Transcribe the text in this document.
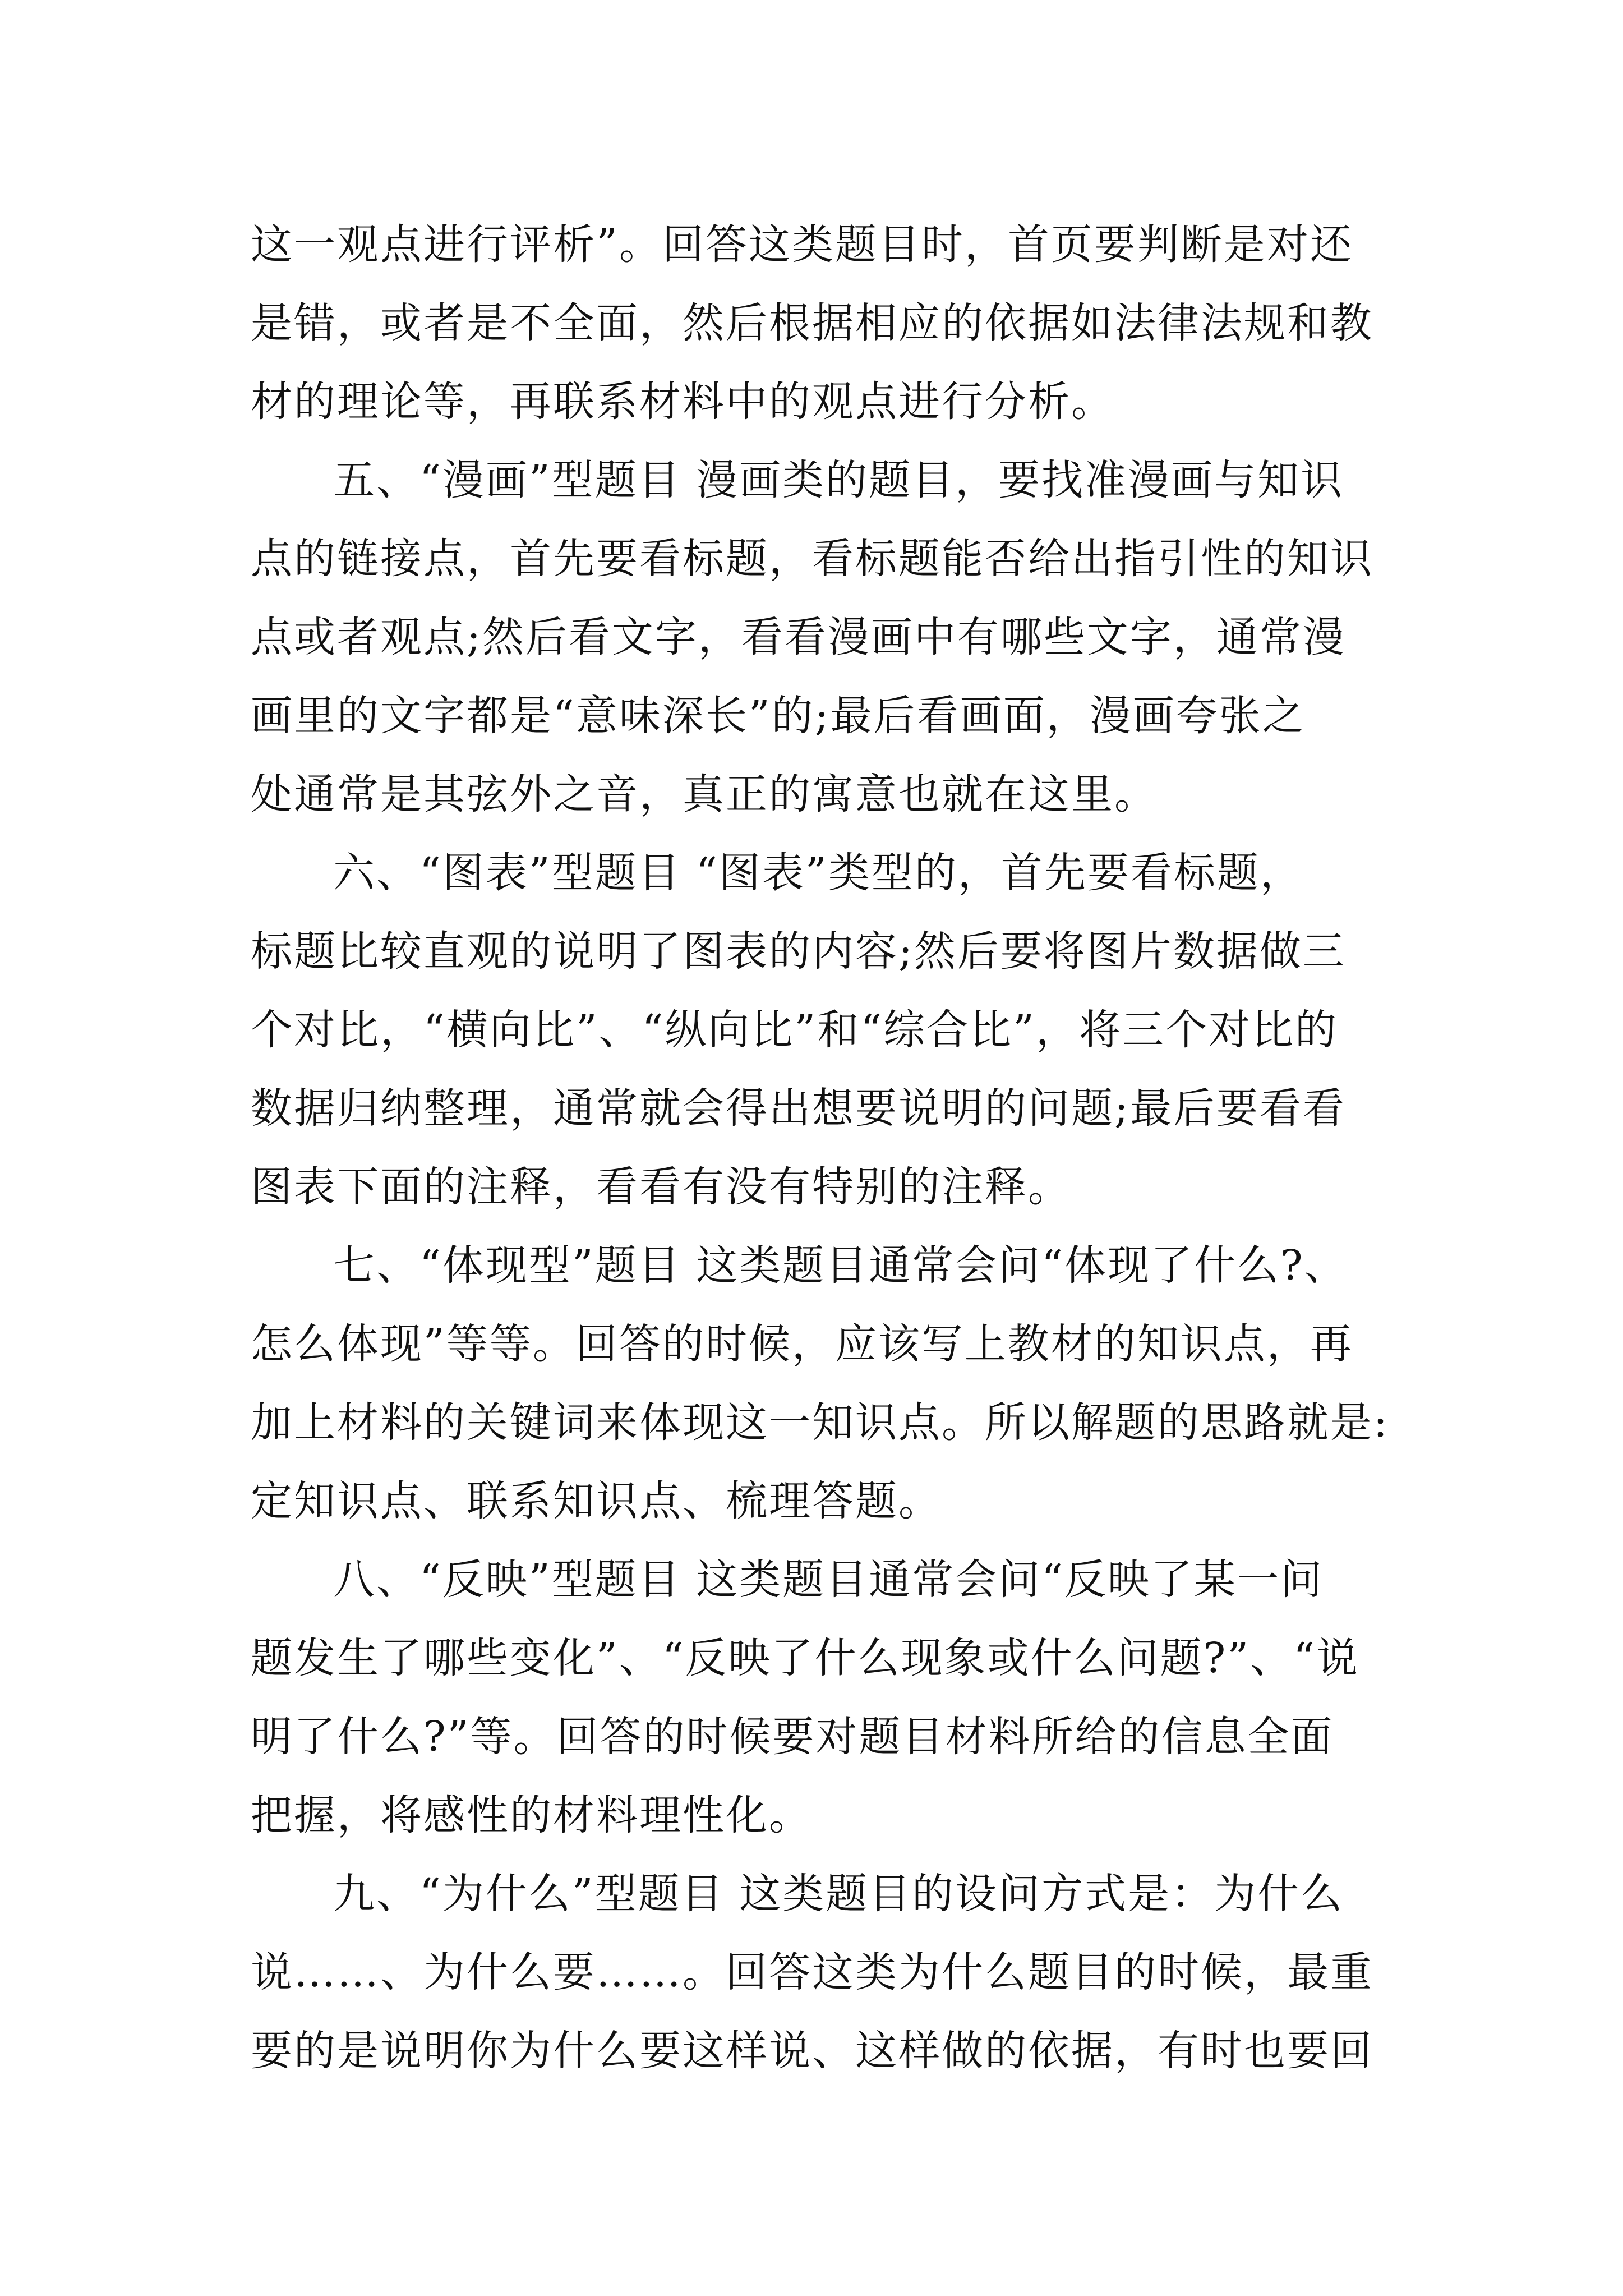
这一观点进行评析”。回答这类题目时，首页要判断是对还
是错，或者是不全面，然后根据相应的依据如法律法规和教
材的理论等，再联系材料中的观点进行分析。
五、“漫画”型题目 漫画类的题目，要找准漫画与知识
点的链接点，首先要看标题，看标题能否给出指引性的知识
点或者观点;然后看文字，看看漫画中有哪些文字，通常漫
画里的文字都是“意味深长”的;最后看画面，漫画夸张之
处通常是其弦外之音，真正的寓意也就在这里。
六、“图表”型题目 “图表”类型的，首先要看标题，
标题比较直观的说明了图表的内容;然后要将图片数据做三
个对比，“横向比”、“纵向比”和“综合比”，将三个对比的
数据归纳整理，通常就会得出想要说明的问题;最后要看看
图表下面的注释，看看有没有特别的注释。
七、“体现型”题目 这类题目通常会问“体现了什么?、
怎么体现”等等。回答的时候，应该写上教材的知识点，再
加上材料的关键词来体现这一知识点。所以解题的思路就是:
定知识点、联系知识点、梳理答题。
八、“反映”型题目 这类题目通常会问“反映了某一问
题发生了哪些变化”、“反映了什么现象或什么问题?”、“说
明了什么?”等。回答的时候要对题目材料所给的信息全面
把握，将感性的材料理性化。
九、“为什么”型题目 这类题目的设问方式是：为什么
说……、为什么要……。回答这类为什么题目的时候，最重
要的是说明你为什么要这样说、这样做的依据，有时也要回
